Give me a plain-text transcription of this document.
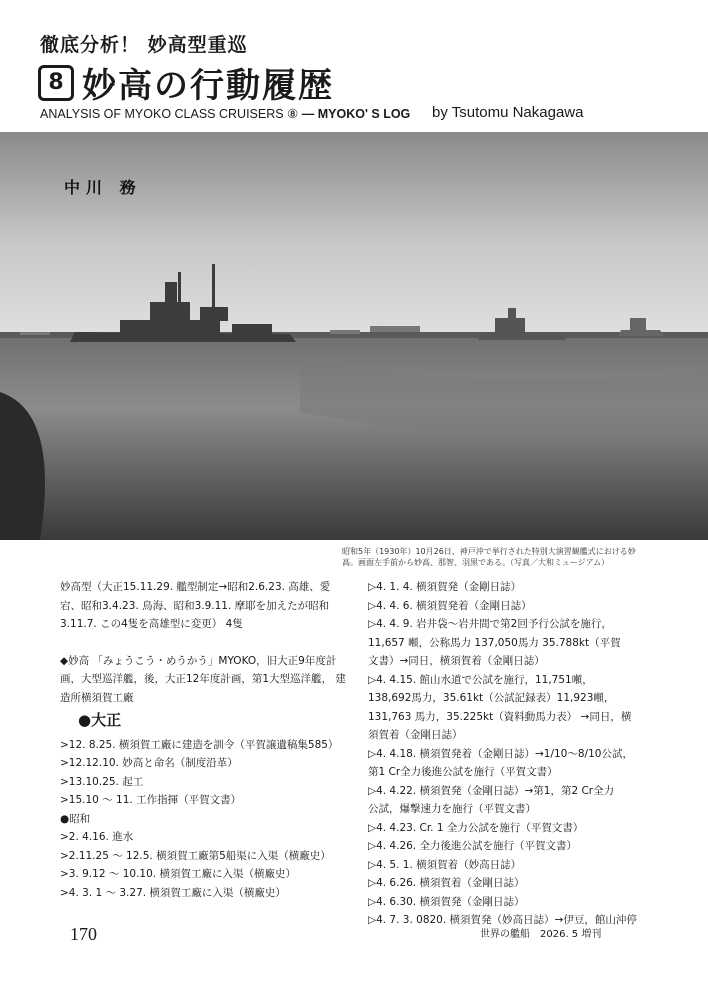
徹底分析！ 妙高型重巡
8 妙高の行動履歴
ANALYSIS OF MYOKO CLASS CRUISERS ⑧ — MYOKO' S LOG by Tsutomu Nakagawa
中川 務
昭和5年（1930年）10月26日、神戸沖で挙行された特別大演習観艦式における妙高。画面左手前から妙高、那智、羽黒である。（写真／大和ミュージアム）

妙高型（大正15.11.29. 艦型制定→昭和2.6.23. 高雄、愛宕、昭和3.4.23. 鳥海、昭和3.9.11. 摩耶を加えたが昭和3.11.7. この4隻を高雄型に変更） 4隻

◆妙高 「みょうこう・めうかう」MYOKO，旧大正9年度計画，大型巡洋艦，後，大正12年度計画，第1大型巡洋艦， 建造所横須賀工廠

●大正

>12. 8.25. 横須賀工廠に建造を訓令（平賀譲遺稿集585）

>12.12.10. 妙高と命名（制度沿革）

>13.10.25. 起工

>15.10 ～ 11. 工作指揮（平賀文書）

●昭和

>2. 4.16. 進水

>2.11.25 ～ 12.5. 横須賀工廠第5船渠に入渠（横廠史）

>3. 9.12 ～ 10.10. 横須賀工廠に入渠（横廠史）

>4. 3. 1 ～ 3.27. 横須賀工廠に入渠（横廠史）

▷4. 1. 4. 横須賀発（金剛日誌）

▷4. 4. 6. 横須賀発着（金剛日誌）

▷4. 4. 9. 岩井袋～岩井間で第2回予行公試を施行，

11,657 噸，公称馬力 137,050馬力 35.788kt（平賀

文書）→同日，横須賀着（金剛日誌）

▷4. 4.15. 館山水道で公試を施行，11,751噸，

138,692馬力，35.61kt（公試記録表）11,923噸，

131,763 馬力，35.225kt（資料動馬力表） →同日，横

須賀着（金剛日誌）

▷4. 4.18. 横須賀発着（金剛日誌）→1/10～8/10公試，

第1 Cr全力後進公試を施行（平賀文書）

▷4. 4.22. 横須賀発（金剛日誌）→第1，第2 Cr全力

公試，爆撃速力を施行（平賀文書）

▷4. 4.23. Cr. 1 全力公試を施行（平賀文書）

▷4. 4.26. 全力後進公試を施行（平賀文書）

▷4. 5. 1. 横須賀着（妙高日誌）

▷4. 6.26. 横須賀着（金剛日誌）

▷4. 6.30. 横須賀発（金剛日誌）

▷4. 7. 3. 0820. 横須賀発（妙高日誌）→伊豆，館山沖停

170	世界の艦船　2026. 5 増刊
